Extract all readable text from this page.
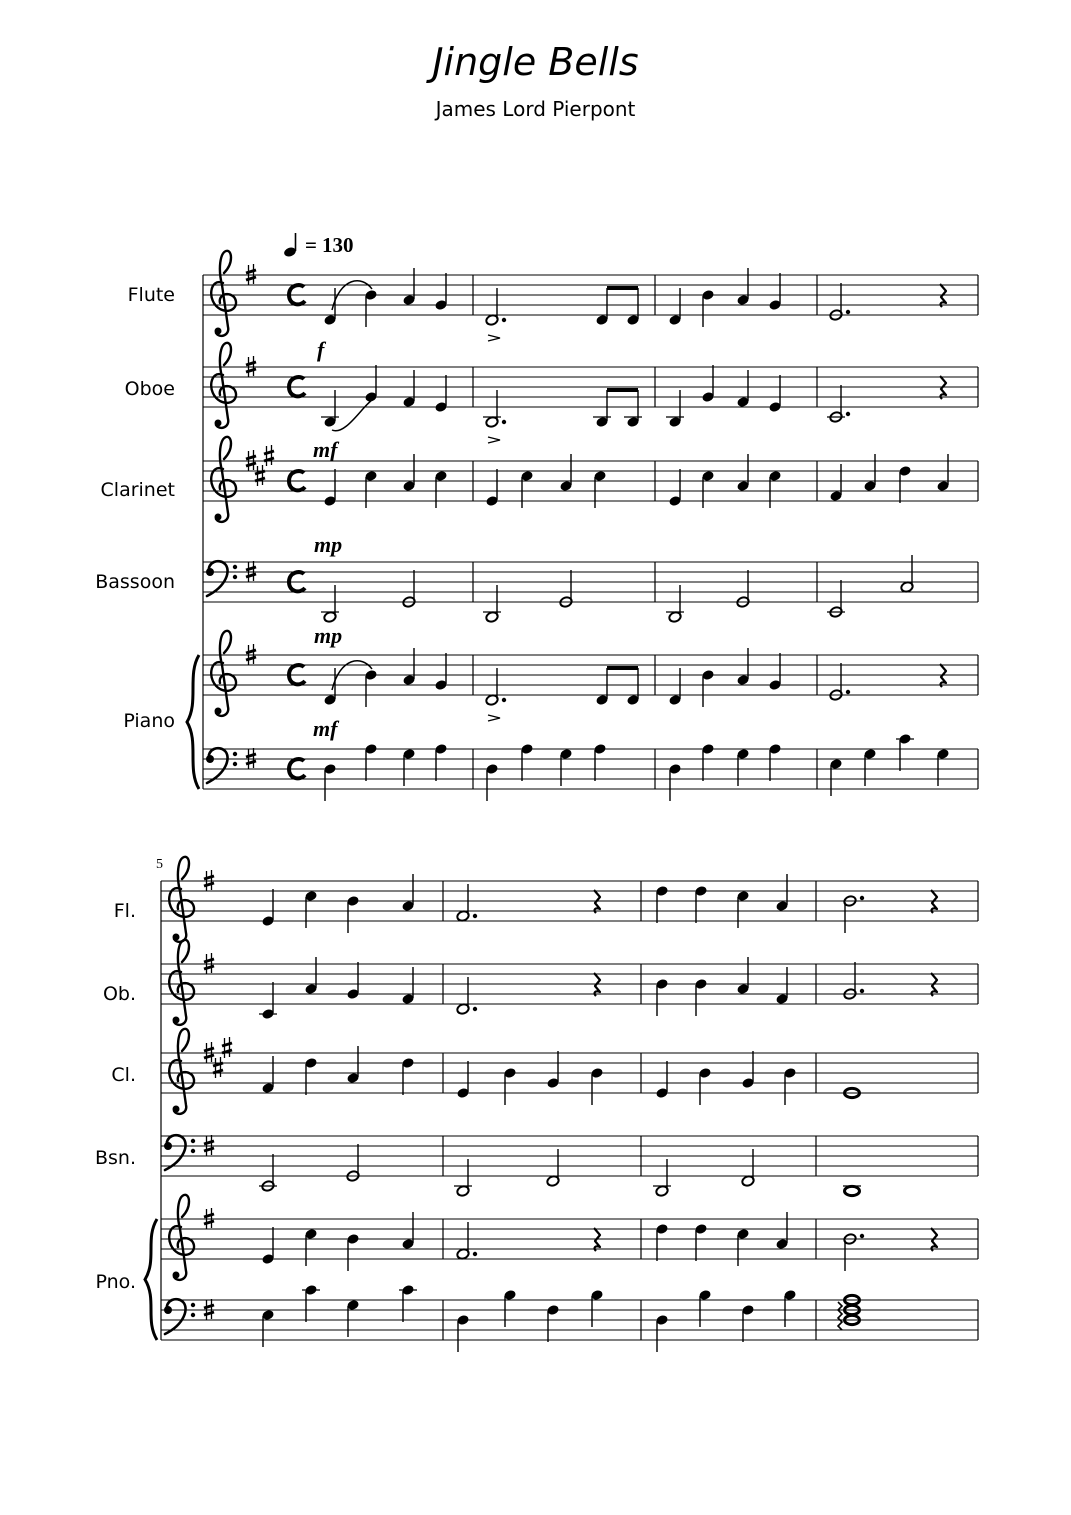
Jingle Bells
James Lord Pierpont
= 130
Flute
Oboe
Clarinet
Bassoon
Piano
5
Fl.
Ob.
Cl.
Bsn.
Pno.
f
mf
mp
mp
mf
